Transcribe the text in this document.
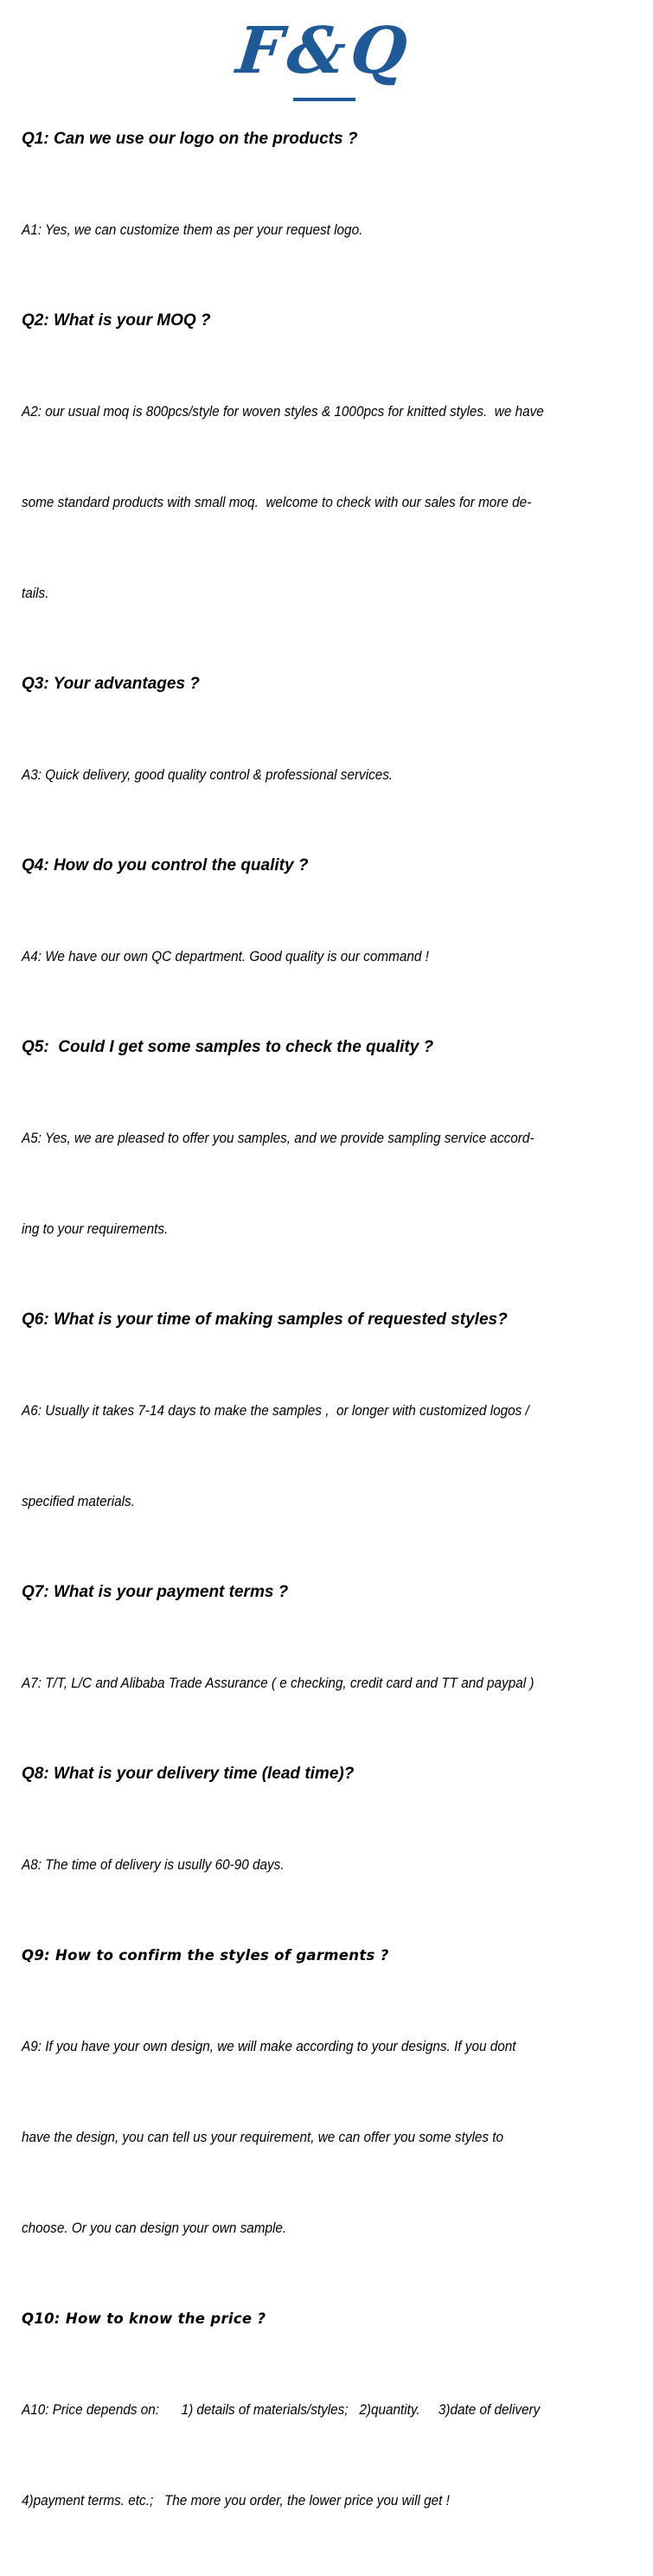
F&Q
Q1: Can we use our logo on the products ?

A1: Yes, we can customize them as per your request logo.

Q2: What is your MOQ ?

A2: our usual moq is 800pcs/style for woven styles & 1000pcs for knitted styles.  we have

some standard products with small moq.  welcome to check with our sales for more de-

tails.

Q3: Your advantages ?

A3: Quick delivery, good quality control & professional services.

Q4: How do you control the quality ?

A4: We have our own QC department. Good quality is our command !

Q5:  Could I get some samples to check the quality ?

A5: Yes, we are pleased to offer you samples, and we provide sampling service accord-

ing to your requirements.

Q6: What is your time of making samples of requested styles?

A6: Usually it takes 7-14 days to make the samples ,  or longer with customized logos /

specified materials.

Q7: What is your payment terms ?

A7: T/T, L/C and Alibaba Trade Assurance ( e checking, credit card and TT and paypal )

Q8: What is your delivery time (lead time)?

A8: The time of delivery is usully 60-90 days.

Q9: How to confirm the styles of garments ?

A9: If you have your own design, we will make according to your designs. If you dont

have the design, you can tell us your requirement, we can offer you some styles to

choose. Or you can design your own sample.

Q10: How to know the price ?

A10: Price depends on:      1) details of materials/styles;   2)quantity.     3)date of delivery

4)payment terms. etc.;   The more you order, the lower price you will get !
